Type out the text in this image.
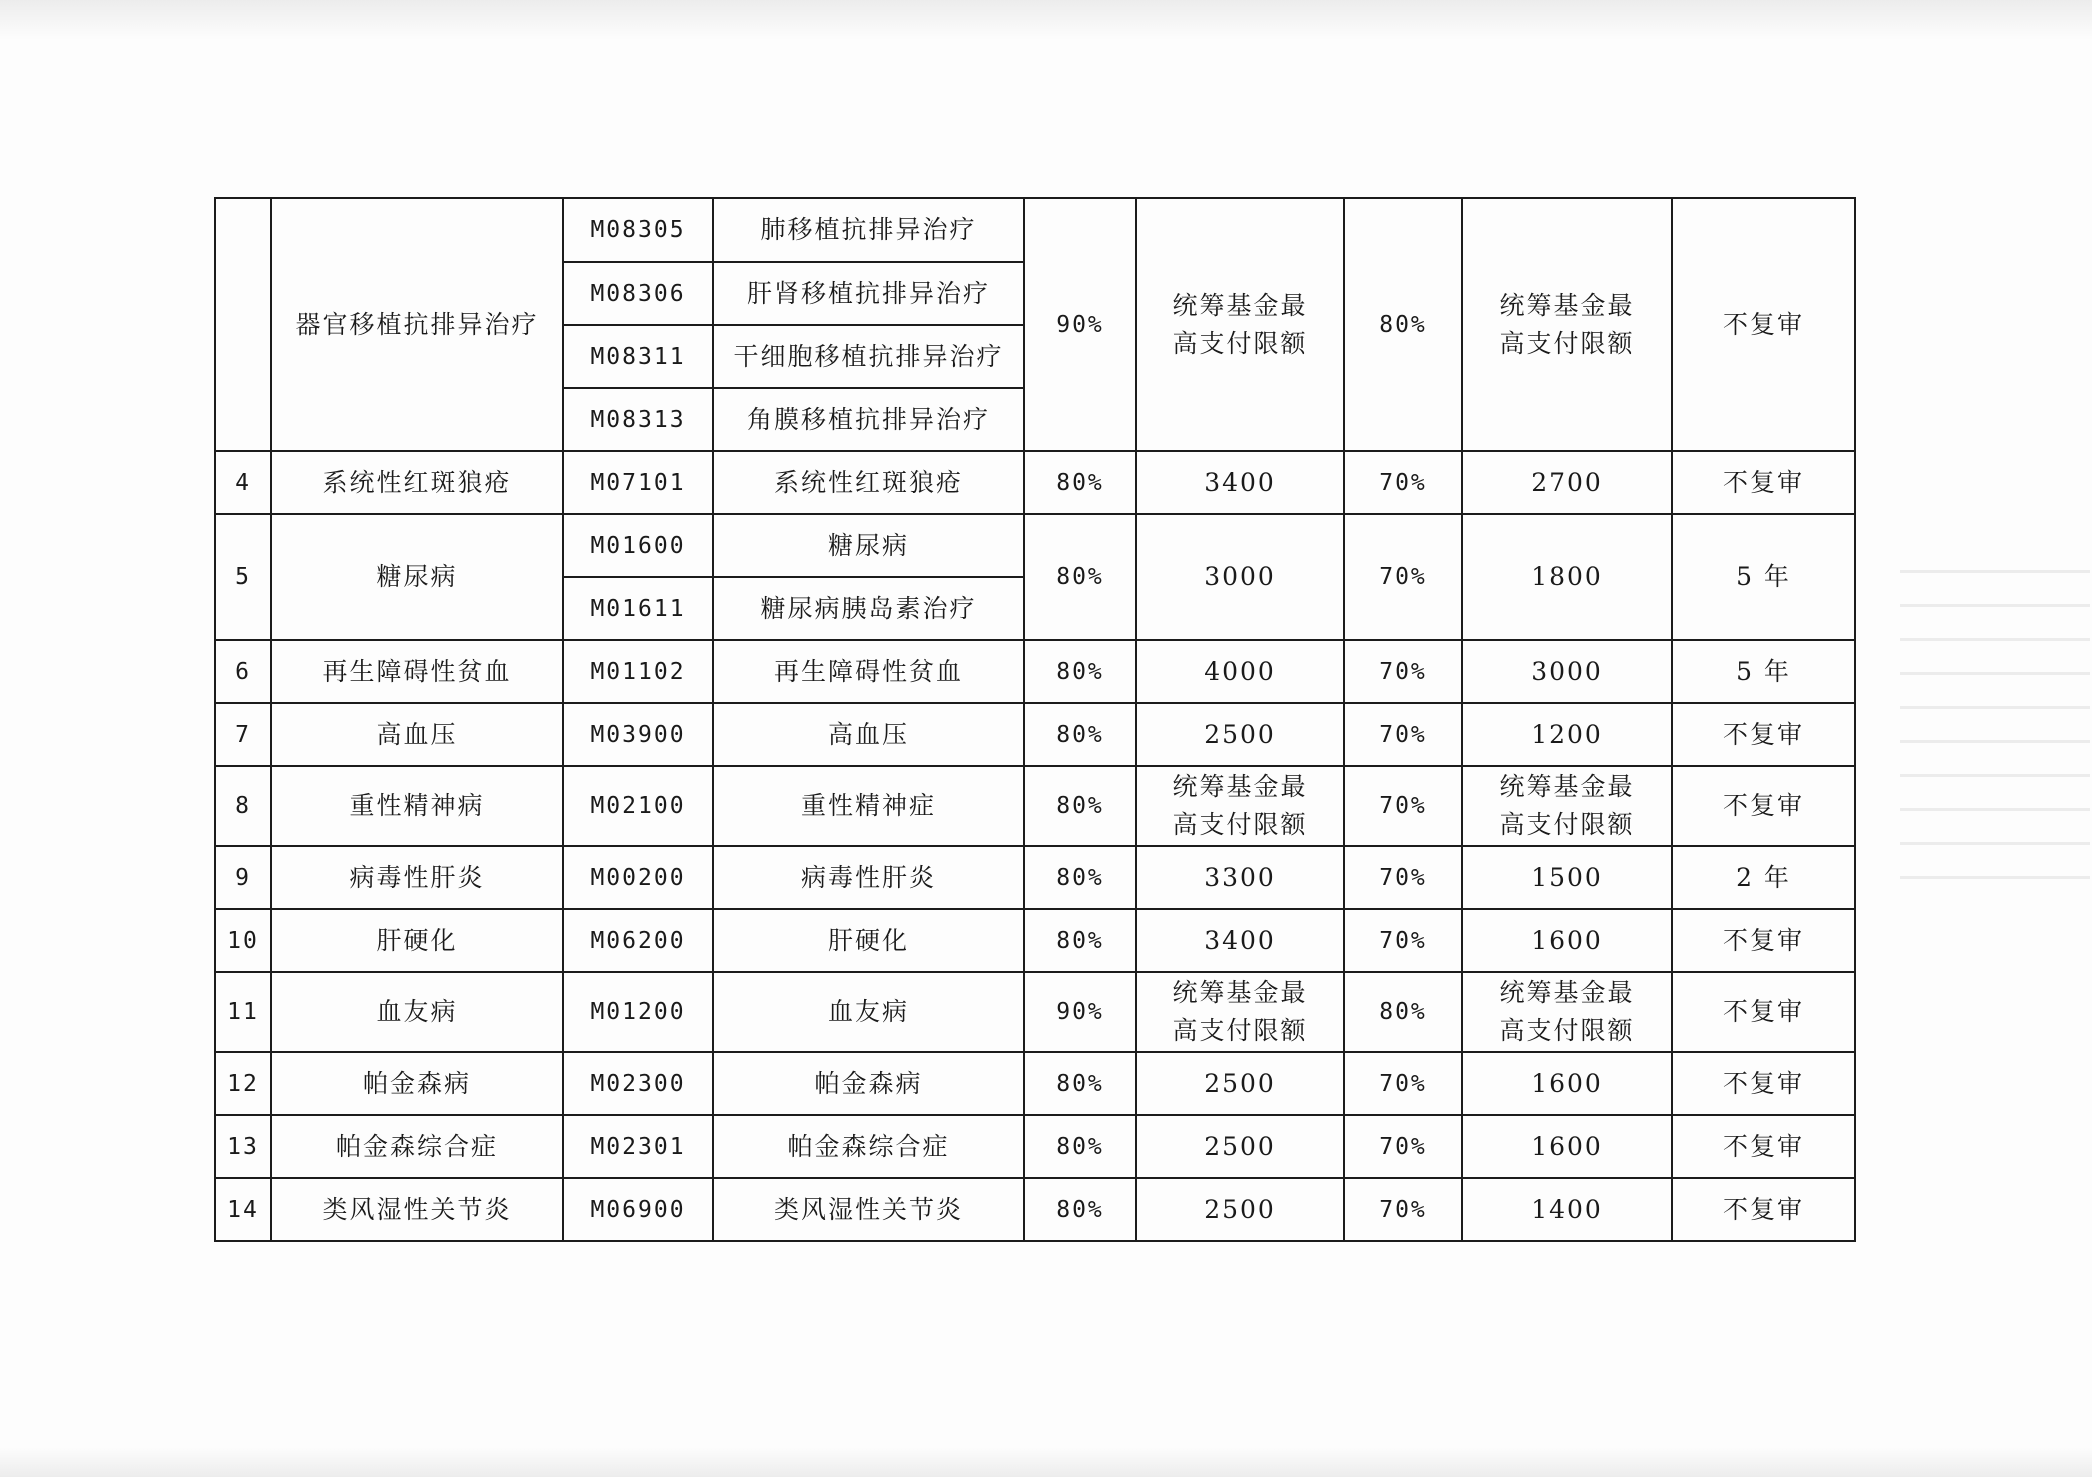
	器官移植抗排异治疗	M08305	肺移植抗排异治疗	90%	统筹基金最高支付限额	80%	统筹基金最高支付限额	不复审
		M08306	肝肾移植抗排异治疗					
		M08311	干细胞移植抗排异治疗					
		M08313	角膜移植抗排异治疗					
4	系统性红斑狼疮	M07101	系统性红斑狼疮	80%	3400	70%	2700	不复审
5	糖尿病	M01600	糖尿病	80%	3000	70%	1800	5 年
		M01611	糖尿病胰岛素治疗					
6	再生障碍性贫血	M01102	再生障碍性贫血	80%	4000	70%	3000	5 年
7	高血压	M03900	高血压	80%	2500	70%	1200	不复审
8	重性精神病	M02100	重性精神症	80%	统筹基金最高支付限额	70%	统筹基金最高支付限额	不复审
9	病毒性肝炎	M00200	病毒性肝炎	80%	3300	70%	1500	2 年
10	肝硬化	M06200	肝硬化	80%	3400	70%	1600	不复审
11	血友病	M01200	血友病	90%	统筹基金最高支付限额	80%	统筹基金最高支付限额	不复审
12	帕金森病	M02300	帕金森病	80%	2500	70%	1600	不复审
13	帕金森综合症	M02301	帕金森综合症	80%	2500	70%	1600	不复审
14	类风湿性关节炎	M06900	类风湿性关节炎	80%	2500	70%	1400	不复审
